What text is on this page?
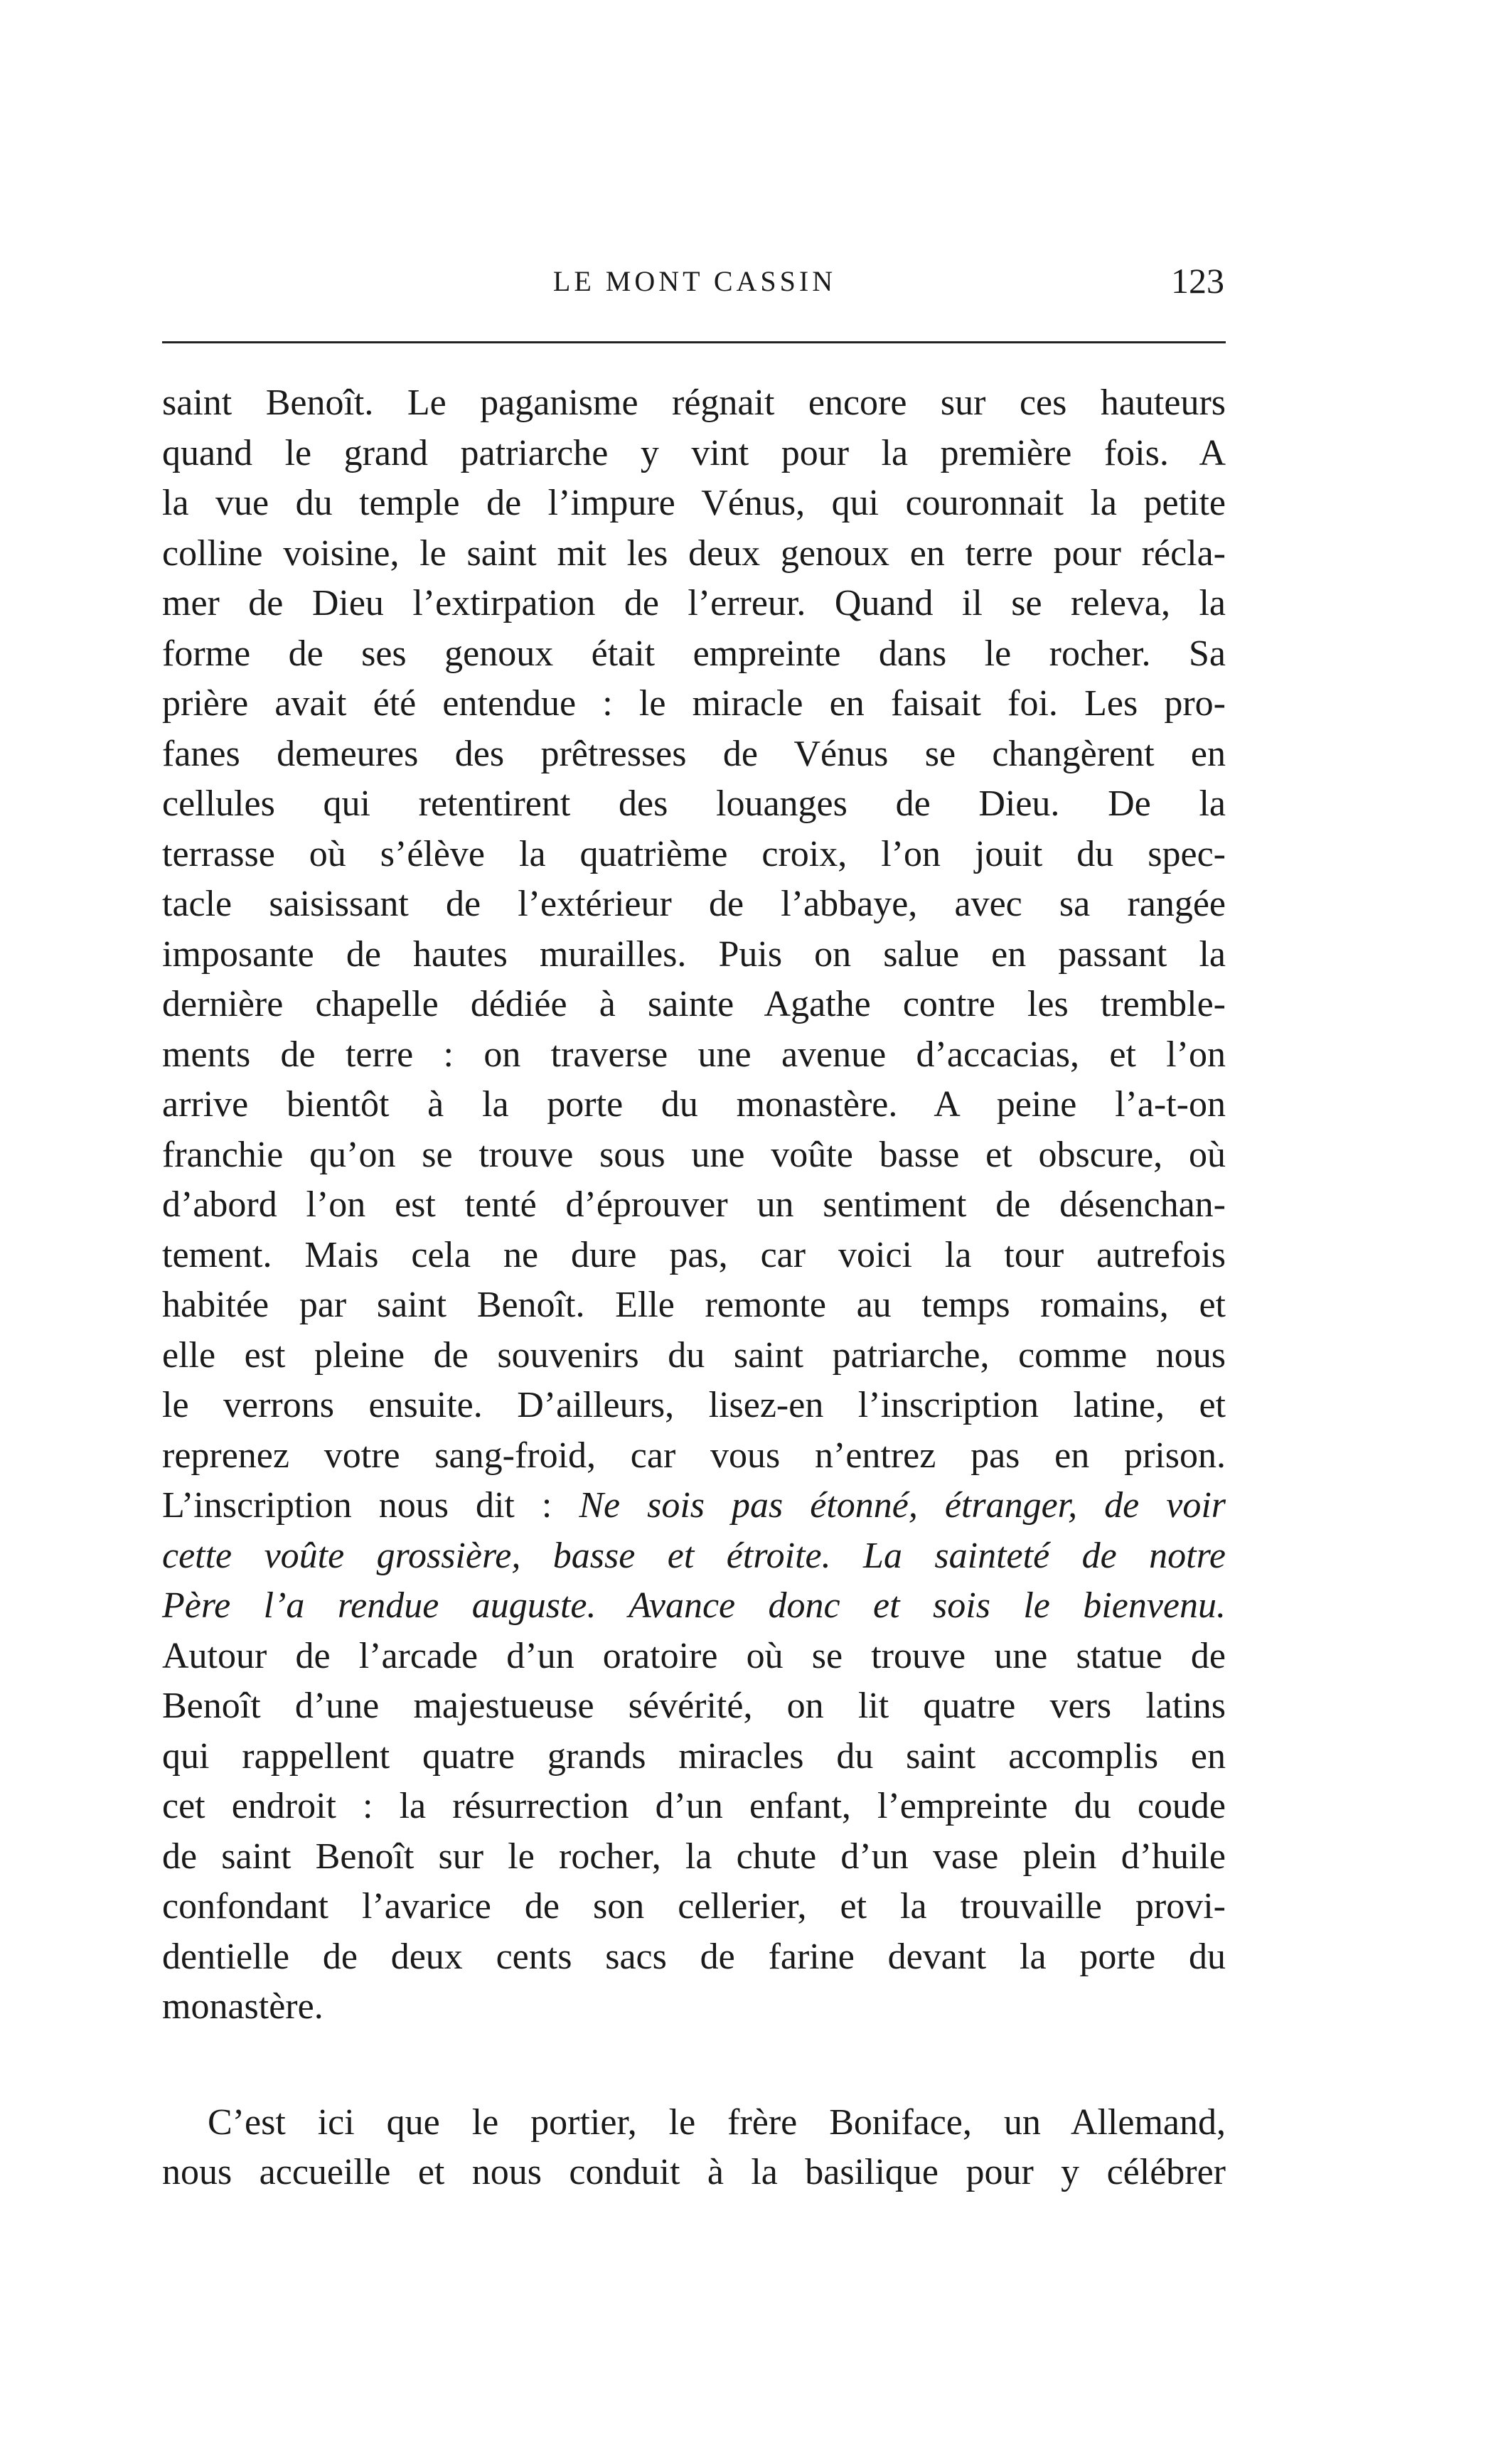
LE MONT CASSIN	123
saint Benoît. Le paganisme régnait encore sur ces hauteurs
quand le grand patriarche y vint pour la première fois. A
la vue du temple de l’impure Vénus, qui couronnait la petite
colline voisine, le saint mit les deux genoux en terre pour récla-
mer de Dieu l’extirpation de l’erreur. Quand il se releva, la
forme de ses genoux était empreinte dans le rocher. Sa
prière avait été entendue : le miracle en faisait foi. Les pro-
fanes demeures des prêtresses de Vénus se changèrent en
cellules qui retentirent des louanges de Dieu. De la
terrasse où s’élève la quatrième croix, l’on jouit du spec-
tacle saisissant de l’extérieur de l’abbaye, avec sa rangée
imposante de hautes murailles. Puis on salue en passant la
dernière chapelle dédiée à sainte Agathe contre les tremble-
ments de terre : on traverse une avenue d’accacias, et l’on
arrive bientôt à la porte du monastère. A peine l’a-t-on
franchie qu’on se trouve sous une voûte basse et obscure, où
d’abord l’on est tenté d’éprouver un sentiment de désenchan-
tement. Mais cela ne dure pas, car voici la tour autrefois
habitée par saint Benoît. Elle remonte au temps romains, et
elle est pleine de souvenirs du saint patriarche, comme nous
le verrons ensuite. D’ailleurs, lisez-en l’inscription latine, et
reprenez votre sang-froid, car vous n’entrez pas en prison.
L’inscription nous dit : Ne sois pas étonné, étranger, de voir
cette voûte grossière, basse et étroite. La sainteté de notre
Père l’a rendue auguste. Avance donc et sois le bienvenu.
Autour de l’arcade d’un oratoire où se trouve une statue de
Benoît d’une majestueuse sévérité, on lit quatre vers latins
qui rappellent quatre grands miracles du saint accomplis en
cet endroit : la résurrection d’un enfant, l’empreinte du coude
de saint Benoît sur le rocher, la chute d’un vase plein d’huile
confondant l’avarice de son cellerier, et la trouvaille provi-
dentielle de deux cents sacs de farine devant la porte du
monastère.
C’est ici que le portier, le frère Boniface, un Allemand,
nous accueille et nous conduit à la basilique pour y célébrer
